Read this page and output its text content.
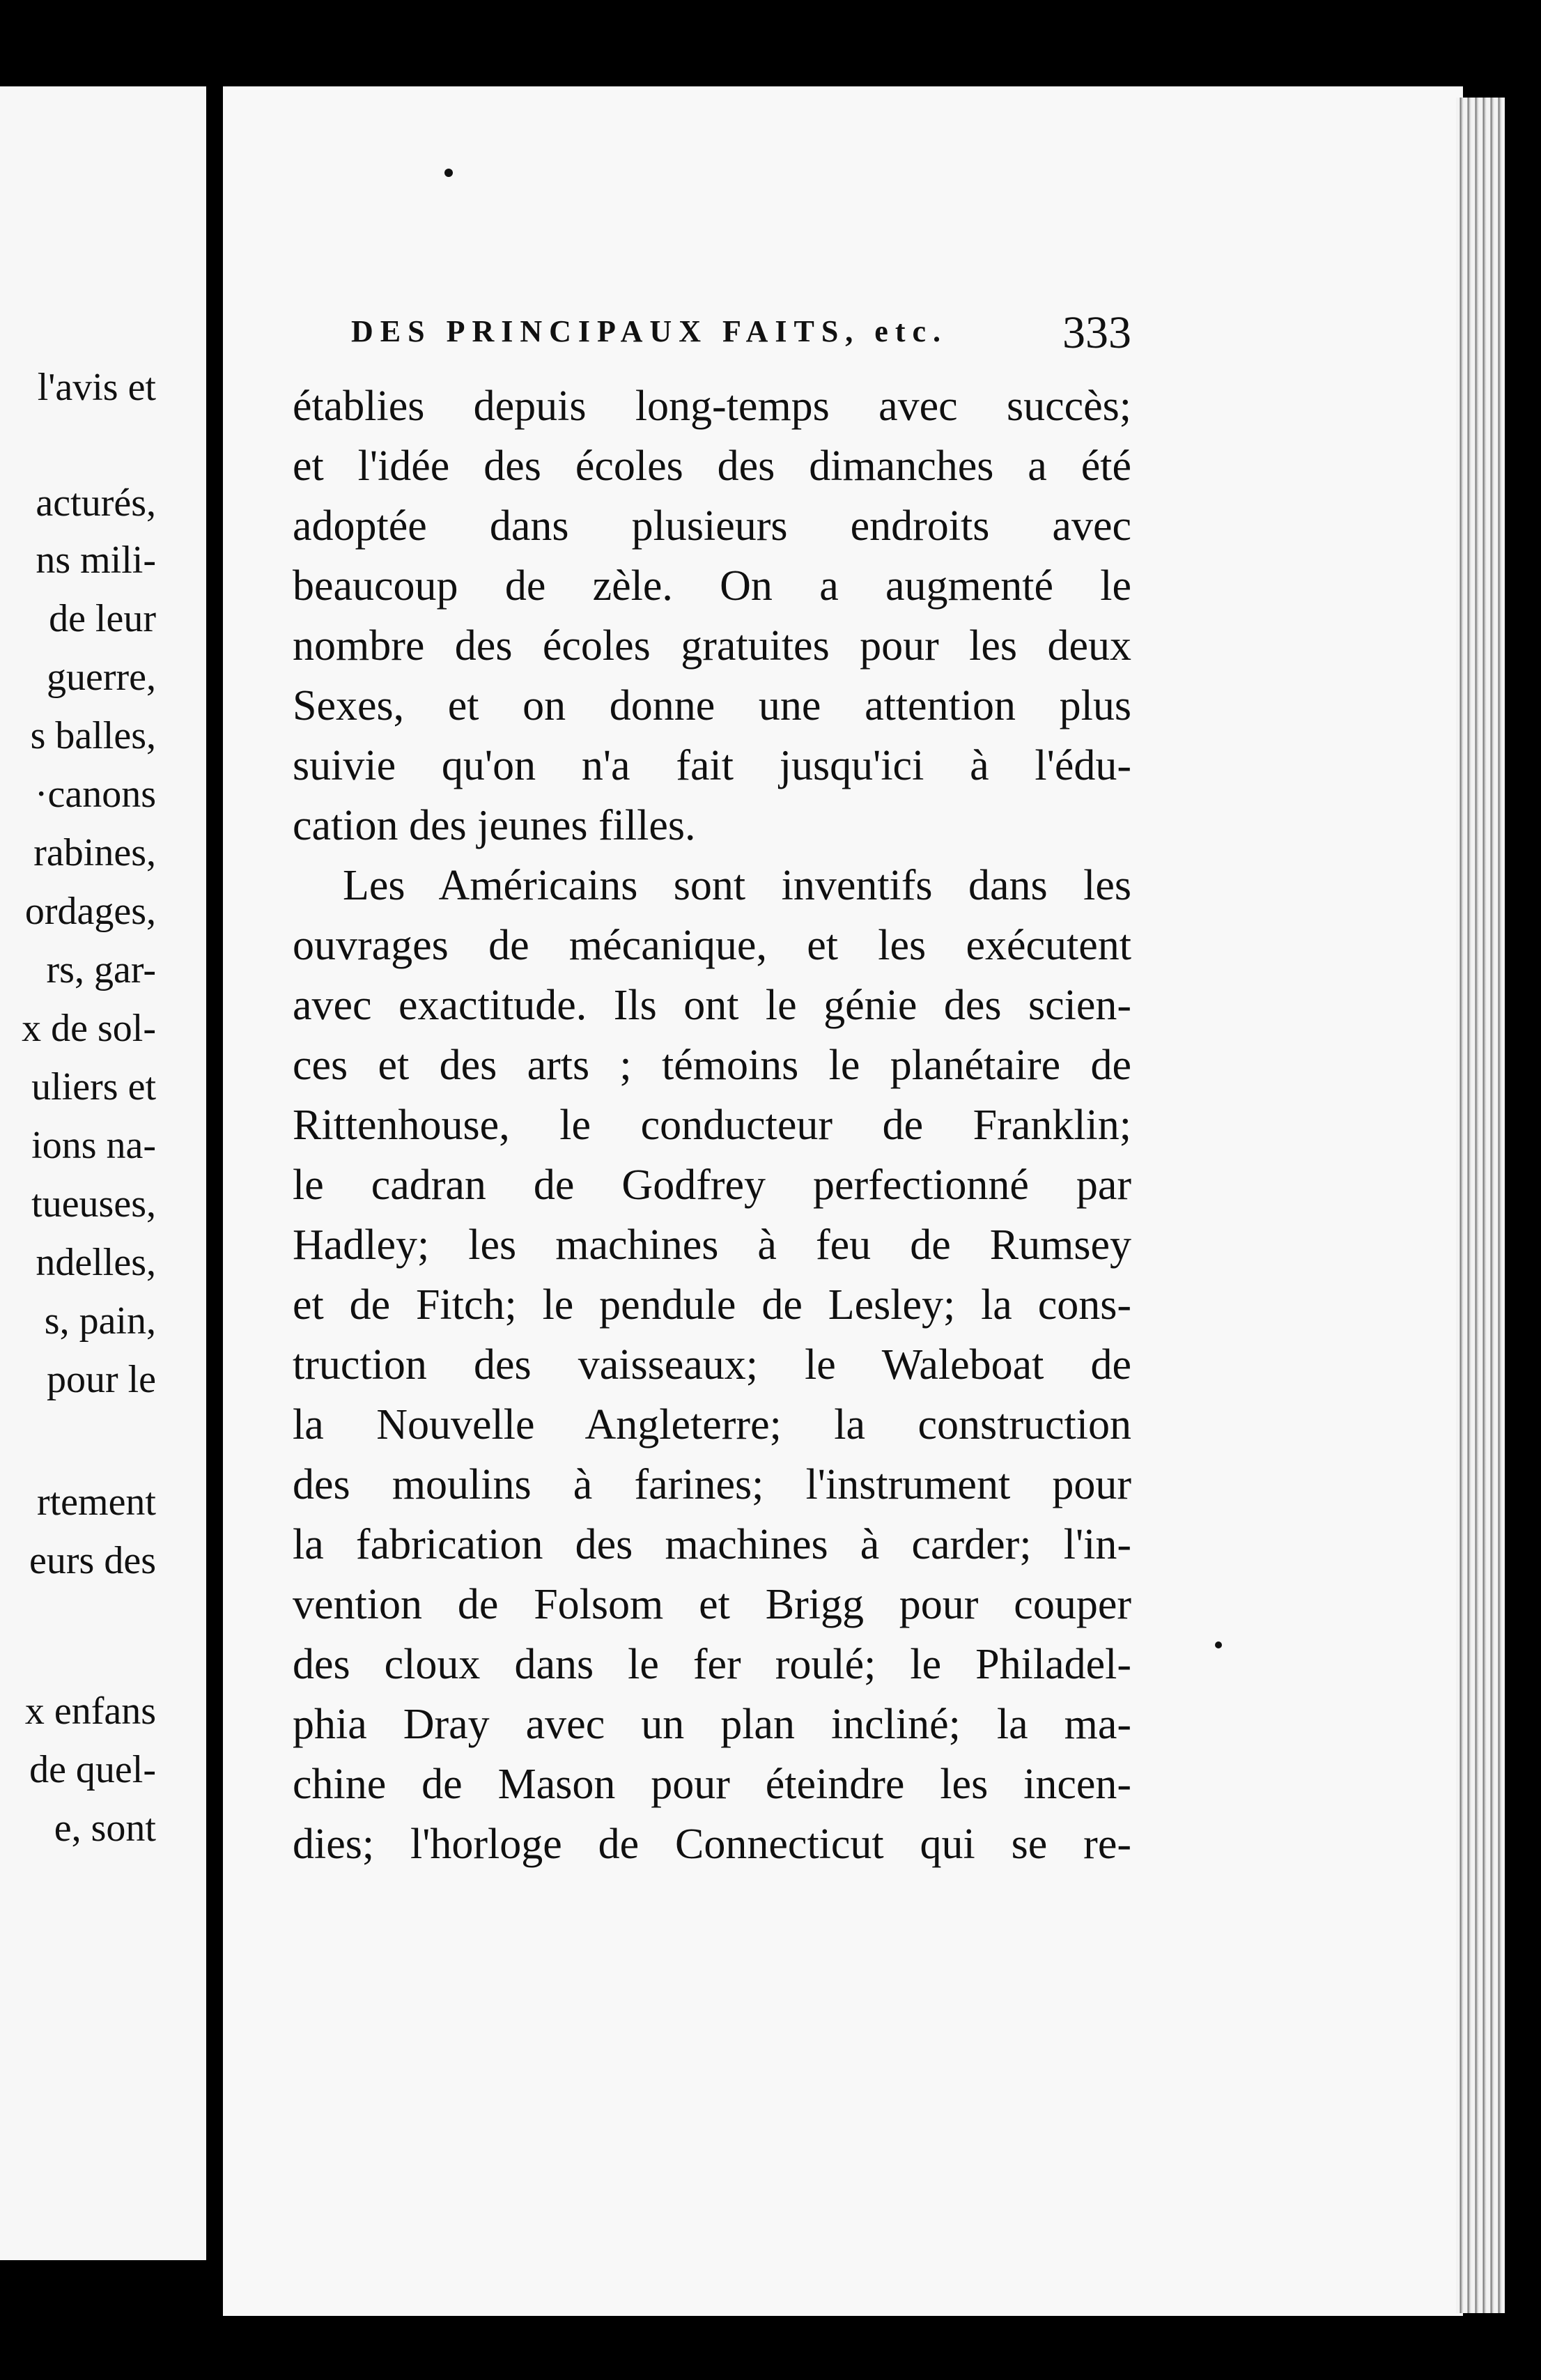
l'avis et
acturés,
ns mili-
de leur
guerre,
s balles,
·canons
rabines,
ordages,
rs, gar-
x de sol-
uliers et
ions na-
tueuses,
ndelles,
s, pain,
pour le
rtement
eurs des
x enfans
de quel-
e, sont
DES PRINCIPAUX FAITS, etc. 333
établies depuis long-temps avec succès;
et l'idée des écoles des dimanches a été
adoptée dans plusieurs endroits avec
beaucoup de zèle. On a augmenté le
nombre des écoles gratuites pour les deux
Sexes, et on donne une attention plus
suivie qu'on n'a fait jusqu'ici à l'édu-
cation des jeunes filles.
Les Américains sont inventifs dans les
ouvrages de mécanique, et les exécutent
avec exactitude. Ils ont le génie des scien-
ces et des arts ; témoins le planétaire de
Rittenhouse, le conducteur de Franklin;
le cadran de Godfrey perfectionné par
Hadley; les machines à feu de Rumsey
et de Fitch; le pendule de Lesley; la cons-
truction des vaisseaux; le Waleboat de
la Nouvelle Angleterre; la construction
des moulins à farines; l'instrument pour
la fabrication des machines à carder; l'in-
vention de Folsom et Brigg pour couper
des cloux dans le fer roulé; le Philadel-
phia Dray avec un plan incliné; la ma-
chine de Mason pour éteindre les incen-
dies; l'horloge de Connecticut qui se re-
